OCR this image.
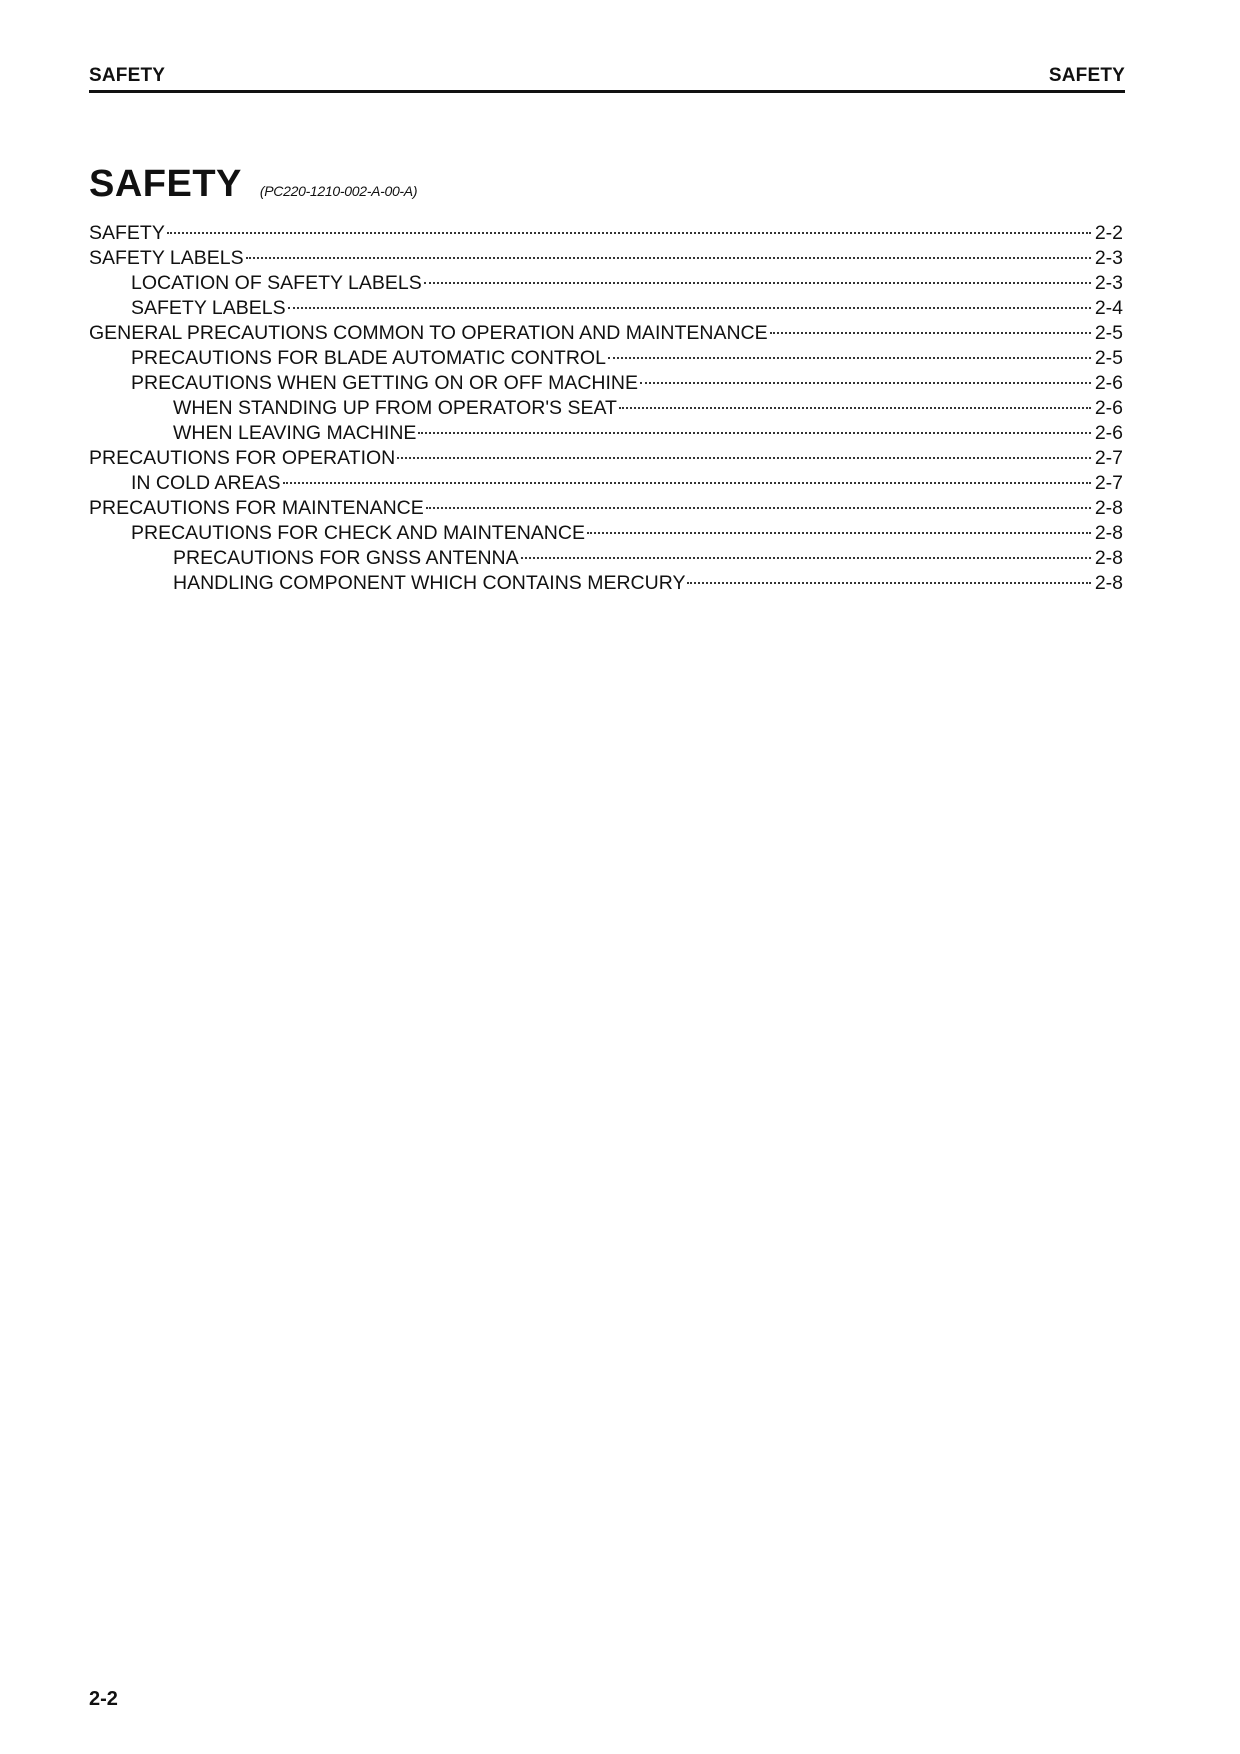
SAFETY	SAFETY
SAFETY (PC220-1210-002-A-00-A)
SAFETY	2-2
SAFETY LABELS	2-3
LOCATION OF SAFETY LABELS	2-3
SAFETY LABELS	2-4
GENERAL PRECAUTIONS COMMON TO OPERATION AND MAINTENANCE	2-5
PRECAUTIONS FOR BLADE AUTOMATIC CONTROL	2-5
PRECAUTIONS WHEN GETTING ON OR OFF MACHINE	2-6
WHEN STANDING UP FROM OPERATOR'S SEAT	2-6
WHEN LEAVING MACHINE	2-6
PRECAUTIONS FOR OPERATION	2-7
IN COLD AREAS	2-7
PRECAUTIONS FOR MAINTENANCE	2-8
PRECAUTIONS FOR CHECK AND MAINTENANCE	2-8
PRECAUTIONS FOR GNSS ANTENNA	2-8
HANDLING COMPONENT WHICH CONTAINS MERCURY	2-8
2-2
